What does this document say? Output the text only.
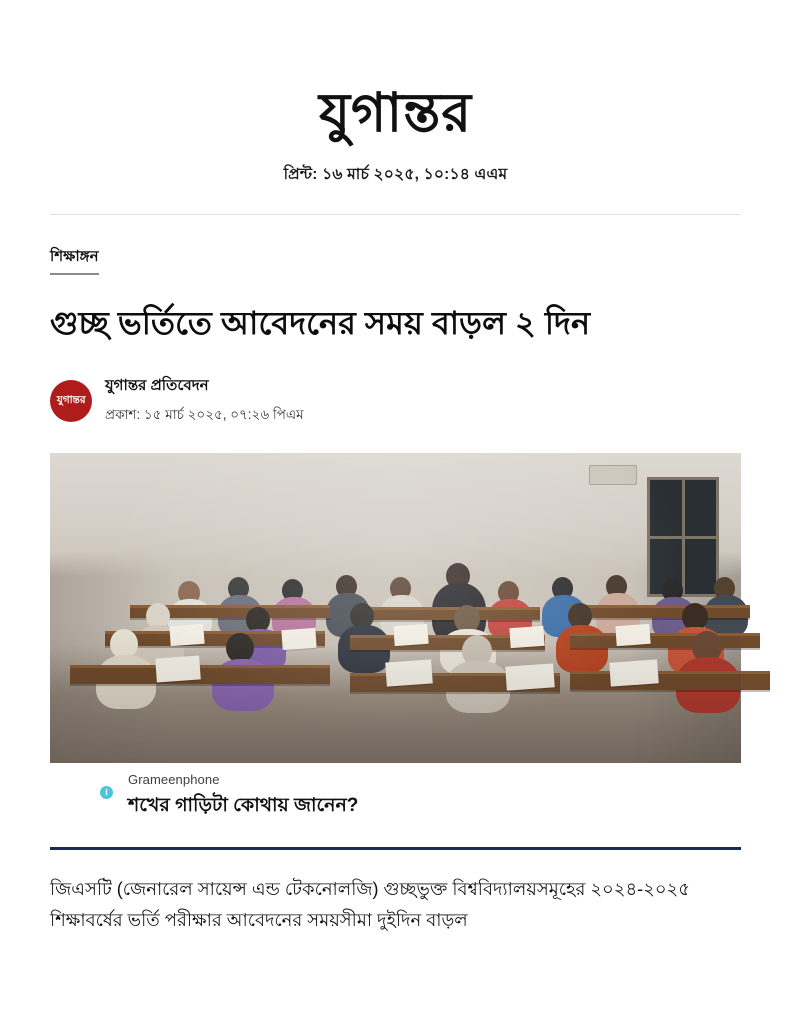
যুগান্তর
প্রিন্ট: ১৬ মার্চ ২০২৫, ১০:১৪ এএম
শিক্ষাঙ্গন
গুচ্ছ ভর্তিতে আবেদনের সময় বাড়ল ২ দিন
যুগান্তর
যুগান্তর প্রতিবেদন
প্রকাশ: ১৫ মার্চ ২০২৫, ০৭:২৬ পিএম
Grameenphone
শখের গাড়িটা কোথায় জানেন?
i

জিএসটি (জেনারেল সায়েন্স এন্ড টেকনোলজি) গুচ্ছভুক্ত বিশ্ববিদ্যালয়সমূহের ২০২৪-২০২৫ শিক্ষাবর্ষের ভর্তি পরীক্ষার আবেদনের সময়সীমা দুইদিন বাড়ল
